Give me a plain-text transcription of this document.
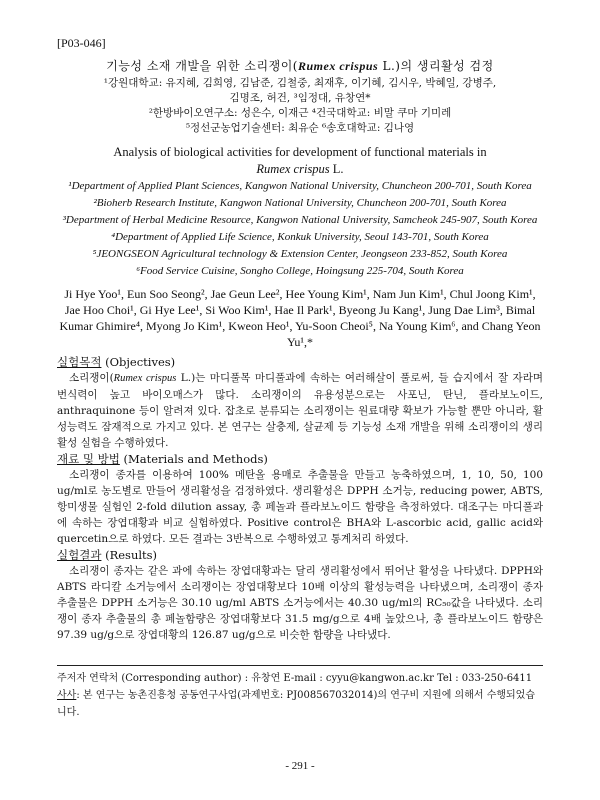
[P03-046]
기능성 소재 개발을 위한 소리쟁이(Rumex crispus L.)의 생리활성 검정
¹강원대학교: 유지혜, 김희영, 김남준, 김철중, 최재후, 이기혜, 김시우, 박혜일, 강병주,
김명조, 허건, ³임정대, 유창연*
²한방바이오연구소: 성은수, 이재근 ⁴건국대학교: 비말 쿠마 기미레
⁵정선군농업기술센터: 최유순 ⁶송호대학교: 김나영
Analysis of biological activities for development of functional materials in
Rumex crispus L.
¹Department of Applied Plant Sciences, Kangwon National University, Chuncheon 200-701, South Korea
²Bioherb Research Institute, Kangwon National University, Chuncheon 200-701, South Korea
³Department of Herbal Medicine Resource, Kangwon National University, Samcheok 245-907, South Korea
⁴Department of Applied Life Science, Konkuk University, Seoul 143-701, South Korea
⁵JEONGSEON Agricultural technology & Extension Center, Jeongseon 233-852, South Korea
⁶Food Service Cuisine, Songho College, Hoingsung 225-704, South Korea
Ji Hye Yoo¹, Eun Soo Seong², Jae Geun Lee², Hee Young Kim¹, Nam Jun Kim¹, Chul Joong Kim¹, Jae Hoo Choi¹, Gi Hye Lee¹, Si Woo Kim¹, Hae Il Park¹, Byeong Ju Kang¹, Jung Dae Lim³, Bimal Kumar Ghimire⁴, Myong Jo Kim¹, Kweon Heo¹, Yu-Soon Cheoi⁵, Na Young Kim⁶, and Chang Yeon Yu¹,*
실험목적 (Objectives)
소리쟁이(Rumex crispus L.)는 마디풀목 마디풀과에 속하는 여러해살이 풀로써, 들 습지에서 잘 자라며 번식력이 높고 바이오매스가 많다. 소리쟁이의 유용성분으로는 사포닌, 탄닌, 플라보노이드, anthraquinone 등이 알려져 있다. 잡초로 분류되는 소리쟁이는 원료대량 확보가 가능할 뿐만 아니라, 활성능력도 잠재적으로 가지고 있다. 본 연구는 살충제, 살균제 등 기능성 소재 개발을 위해 소리쟁이의 생리활성 실험을 수행하였다.
재료 및 방법 (Materials and Methods)
소리쟁이 종자를 이용하여 100% 메탄올 용매로 추출물을 만들고 농축하였으며, 1, 10, 50, 100 ug/ml로 농도별로 만들어 생리활성을 검정하였다. 생리활성은 DPPH 소거능, reducing power, ABTS, 항미생물 실험인 2-fold dilution assay, 총 페놀과 플라보노이드 함량을 측정하였다. 대조구는 마디풀과에 속하는 장엽대황과 비교 실험하였다. Positive control은 BHA와 L-ascorbic acid, gallic acid와 quercetin으로 하였다. 모든 결과는 3반복으로 수행하였고 통계처리 하였다.
실험결과 (Results)
소리쟁이 종자는 같은 과에 속하는 장엽대황과는 달리 생리활성에서 뛰어난 활성을 나타냈다. DPPH와 ABTS 라디칼 소거능에서 소리쟁이는 장엽대황보다 10배 이상의 활성능력을 나타냈으며, 소리쟁이 종자 추출물은 DPPH 소거능은 30.10 ug/ml ABTS 소거능에서는 40.30 ug/ml의 RC₅₀값을 나타냈다. 소리쟁이 종자 추출물의 총 페놀함량은 장엽대황보다 31.5 mg/g으로 4배 높았으나, 총 플라보노이드 함량은 97.39 ug/g으로 장엽대황의 126.87 ug/g으로 비슷한 함량을 나타냈다.
주저자 연락처 (Corresponding author) : 유창연 E-mail : cyyu@kangwon.ac.kr Tel : 033-250-6411
사사: 본 연구는 농촌진흥청 공동연구사업(과제번호: PJ008567032014)의 연구비 지원에 의해서 수행되었습니다.
- 291 -
